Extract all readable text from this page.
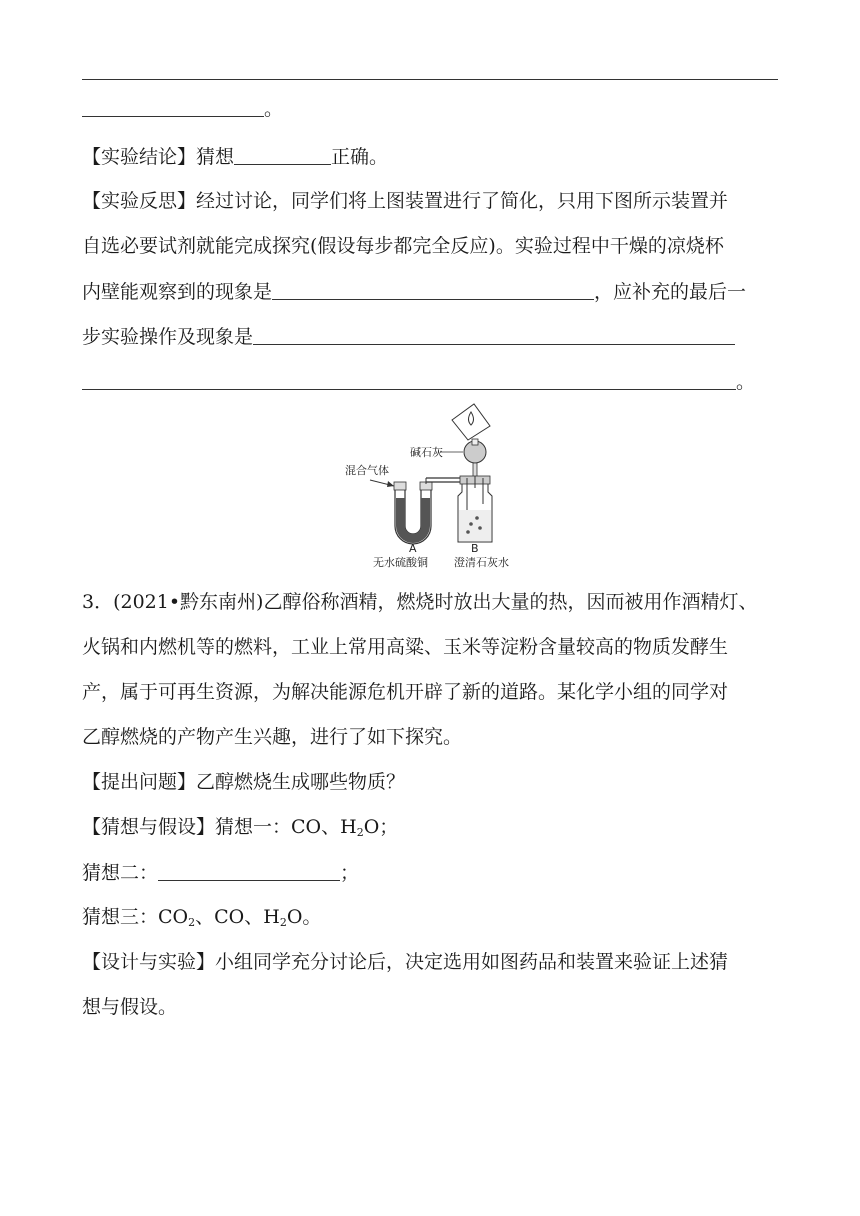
。
【实验结论】猜想	正确。
【实验反思】经过讨论，同学们将上图装置进行了简化，只用下图所示装置并
自选必要试剂就能完成探究(假设每步都完全反应)。实验过程中干燥的凉烧杯
内壁能观察到的现象是	，应补充的最后一
步实验操作及现象是
。
碱石灰
混合气体
A	B
无水硫酸铜 澄清石灰水
3．(2021•黔东南州)乙醇俗称酒精，燃烧时放出大量的热，因而被用作酒精灯、
火锅和内燃机等的燃料，工业上常用高粱、玉米等淀粉含量较高的物质发酵生
产，属于可再生资源，为解决能源危机开辟了新的道路。某化学小组的同学对
乙醇燃烧的产物产生兴趣，进行了如下探究。
【提出问题】乙醇燃烧生成哪些物质？
【猜想与假设】猜想一：CO、$H_2O$；
猜想二：	；
猜想三：$CO_2$、CO、$H_2O$。
【设计与实验】小组同学充分讨论后，决定选用如图药品和装置来验证上述猜
想与假设。
